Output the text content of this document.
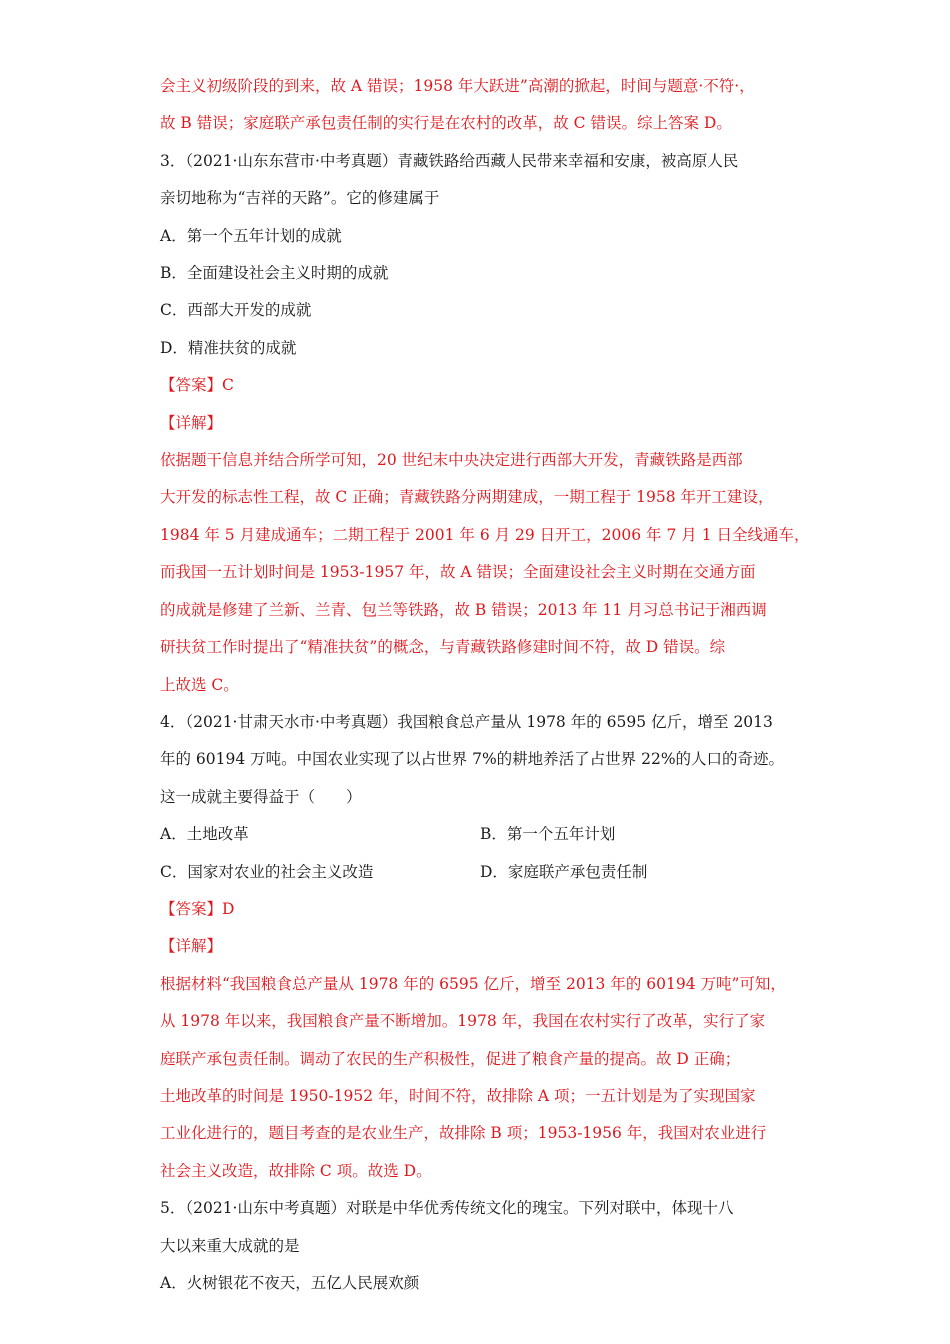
会主义初级阶段的到来，故 A 错误；1958 年大跃进”高潮的掀起，时间与题意·不符·，
故 B 错误；家庭联产承包责任制的实行是在农村的改革，故 C 错误。综上答案 D。
3．（2021·山东东营市·中考真题）青藏铁路给西藏人民带来幸福和安康，被高原人民
亲切地称为“吉祥的天路”。它的修建属于
A．第一个五年计划的成就
B．全面建设社会主义时期的成就
C．西部大开发的成就
D．精准扶贫的成就
【答案】C
【详解】
依据题干信息并结合所学可知，20 世纪末中央决定进行西部大开发，青藏铁路是西部
大开发的标志性工程，故 C 正确；青藏铁路分两期建成，一期工程于 1958 年开工建设，
1984 年 5 月建成通车；二期工程于 2001 年 6 月 29 日开工，2006 年 7 月 1 日全线通车，
而我国一五计划时间是 1953-1957 年，故 A 错误；全面建设社会主义时期在交通方面
的成就是修建了兰新、兰青、包兰等铁路，故 B 错误；2013 年 11 月习总书记于湘西调
研扶贫工作时提出了“精准扶贫”的概念，与青藏铁路修建时间不符，故 D 错误。综
上故选 C。
4．（2021·甘肃天水市·中考真题）我国粮食总产量从 1978 年的 6595 亿斤，增至 2013
年的 60194 万吨。中国农业实现了以占世界 7%的耕地养活了占世界 22%的人口的奇迹。
这一成就主要得益于（　　）
A．土地改革	B．第一个五年计划
C．国家对农业的社会主义改造	D．家庭联产承包责任制
【答案】D
【详解】
根据材料“我国粮食总产量从 1978 年的 6595 亿斤，增至 2013 年的 60194 万吨”可知，
从 1978 年以来，我国粮食产量不断增加。1978 年，我国在农村实行了改革，实行了家
庭联产承包责任制。调动了农民的生产积极性，促进了粮食产量的提高。故 D 正确；
土地改革的时间是 1950-1952 年，时间不符，故排除 A 项；一五计划是为了实现国家
工业化进行的，题目考查的是农业生产，故排除 B 项；1953-1956 年，我国对农业进行
社会主义改造，故排除 C 项。故选 D。
5．（2021·山东中考真题）对联是中华优秀传统文化的瑰宝。下列对联中，体现十八
大以来重大成就的是
A．火树银花不夜天，五亿人民展欢颜
